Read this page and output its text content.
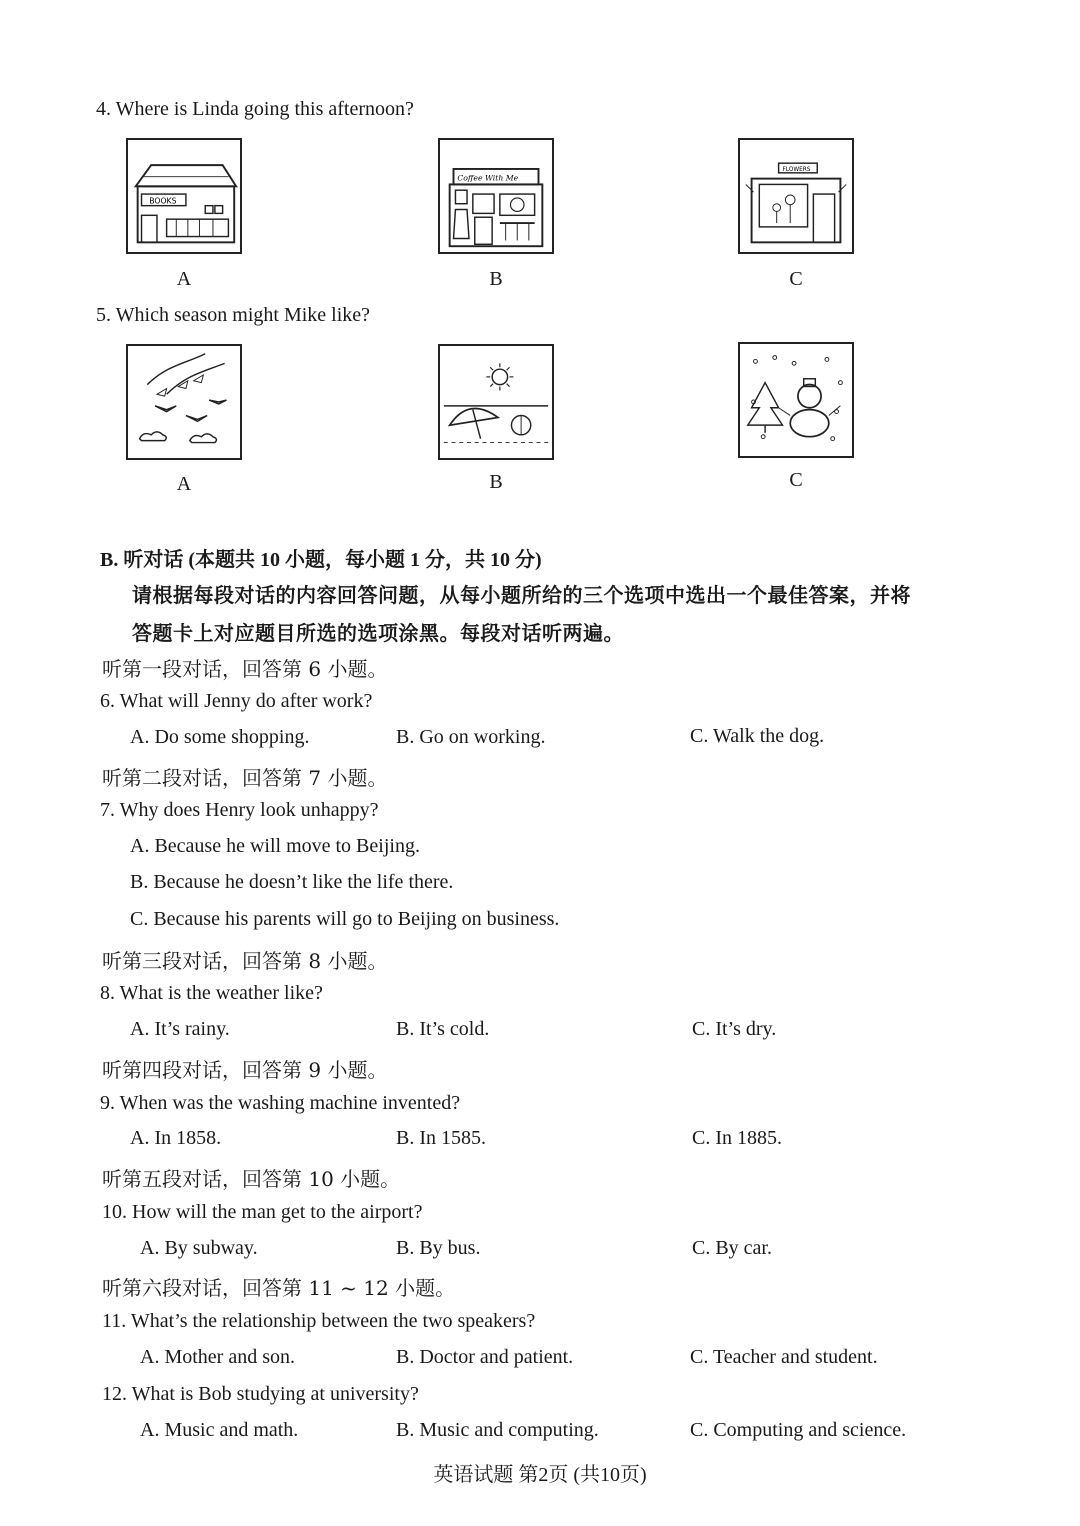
4. Where is Linda going this afternoon?
BOOKS
Coffee With Me
FLOWERS
A	B	C
5. Which season might Mike like?
A	B	C
B. 听对话 (本题共 10 小题，每小题 1 分，共 10 分)
请根据每段对话的内容回答问题，从每小题所给的三个选项中选出一个最佳答案，并将
答题卡上对应题目所选的选项涂黑。每段对话听两遍。
听第一段对话，回答第 6 小题。
6. What will Jenny do after work?
A. Do some shopping.	B. Go on working.	C. Walk the dog.
听第二段对话，回答第 7 小题。
7. Why does Henry look unhappy?
A. Because he will move to Beijing.
B. Because he doesn’t like the life there.
C. Because his parents will go to Beijing on business.
听第三段对话，回答第 8 小题。
8. What is the weather like?
A. It’s rainy.	B. It’s cold.	C. It’s dry.
听第四段对话，回答第 9 小题。
9. When was the washing machine invented?
A. In 1858.	B. In 1585.	C. In 1885.
听第五段对话，回答第 10 小题。
10. How will the man get to the airport?
A. By subway.	B. By bus.	C. By car.
听第六段对话，回答第 11 ~ 12 小题。
11. What’s the relationship between the two speakers?
A. Mother and son.	B. Doctor and patient.	C. Teacher and student.
12. What is Bob studying at university?
A. Music and math.	B. Music and computing.	C. Computing and science.
英语试题 第2页 (共10页)
